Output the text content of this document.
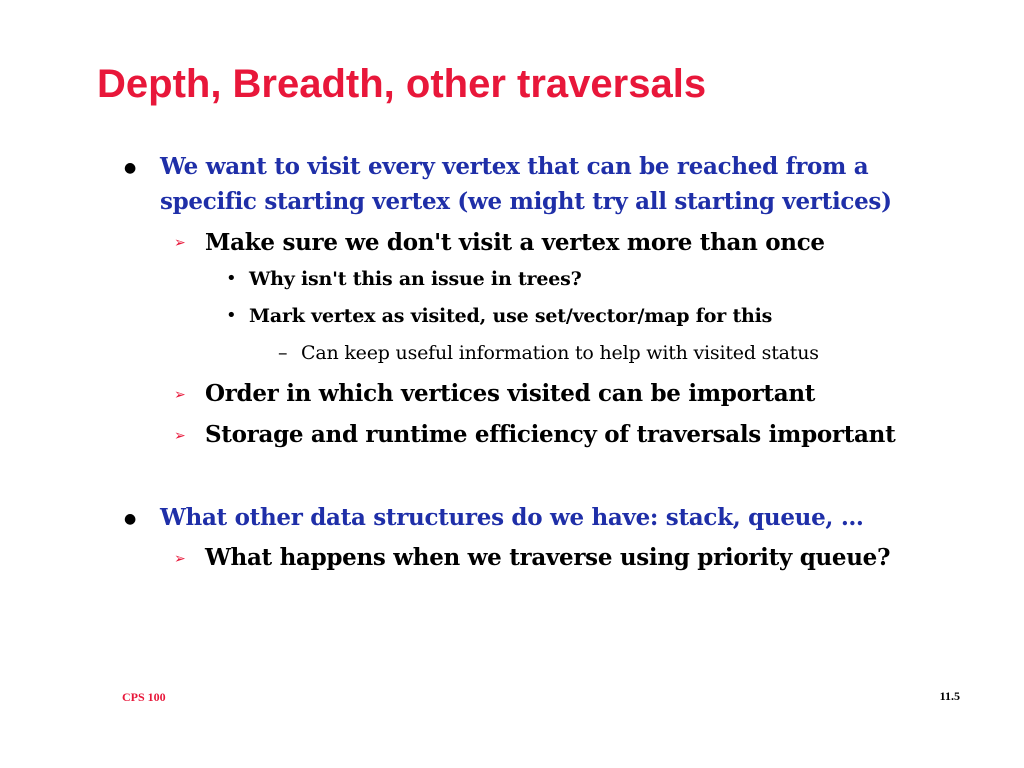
Depth, Breadth, other traversals
● We want to visit every vertex that can be reached from a
specific starting vertex (we might try all starting vertices)
➢ Make sure we don't visit a vertex more than once
• Why isn't this an issue in trees?
• Mark vertex as visited, use set/vector/map for this
– Can keep useful information to help with visited status
➢ Order in which vertices visited can be important
➢ Storage and runtime efficiency of traversals important
● What other data structures do we have: stack, queue, …
➢ What happens when we traverse using priority queue?
CPS 100	11.5
